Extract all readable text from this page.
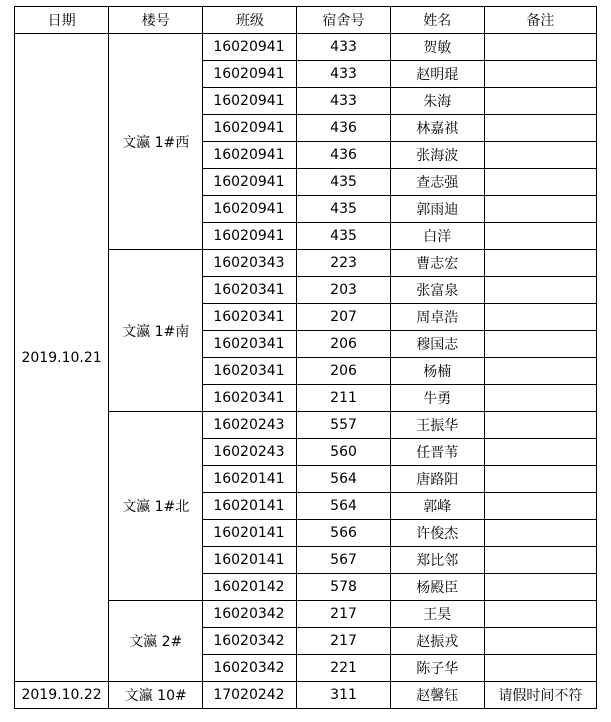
日期	楼号	班级	宿舍号	姓名	备注
2019.10.21	文瀛 1#西	16020941	433	贺敏	
		16020941	433	赵明琨	
		16020941	433	朱海	
		16020941	436	林嘉祺	
		16020941	436	张海波	
		16020941	435	查志强	
		16020941	435	郭雨迪	
		16020941	435	白洋	
	文瀛 1#南	16020343	223	曹志宏	
		16020341	203	张富泉	
		16020341	207	周卓浩	
		16020341	206	穆国志	
		16020341	206	杨楠	
		16020341	211	牛勇	
	文瀛 1#北	16020243	557	王振华	
		16020243	560	任晋苇	
		16020141	564	唐路阳	
		16020141	564	郭峰	
		16020141	566	许俊杰	
		16020141	567	郑比邻	
		16020142	578	杨殿臣	
	文瀛 2#	16020342	217	王昊	
		16020342	217	赵振戎	
		16020342	221	陈子华	
2019.10.22	文瀛 10#	17020242	311	赵馨钰	请假时间不符
